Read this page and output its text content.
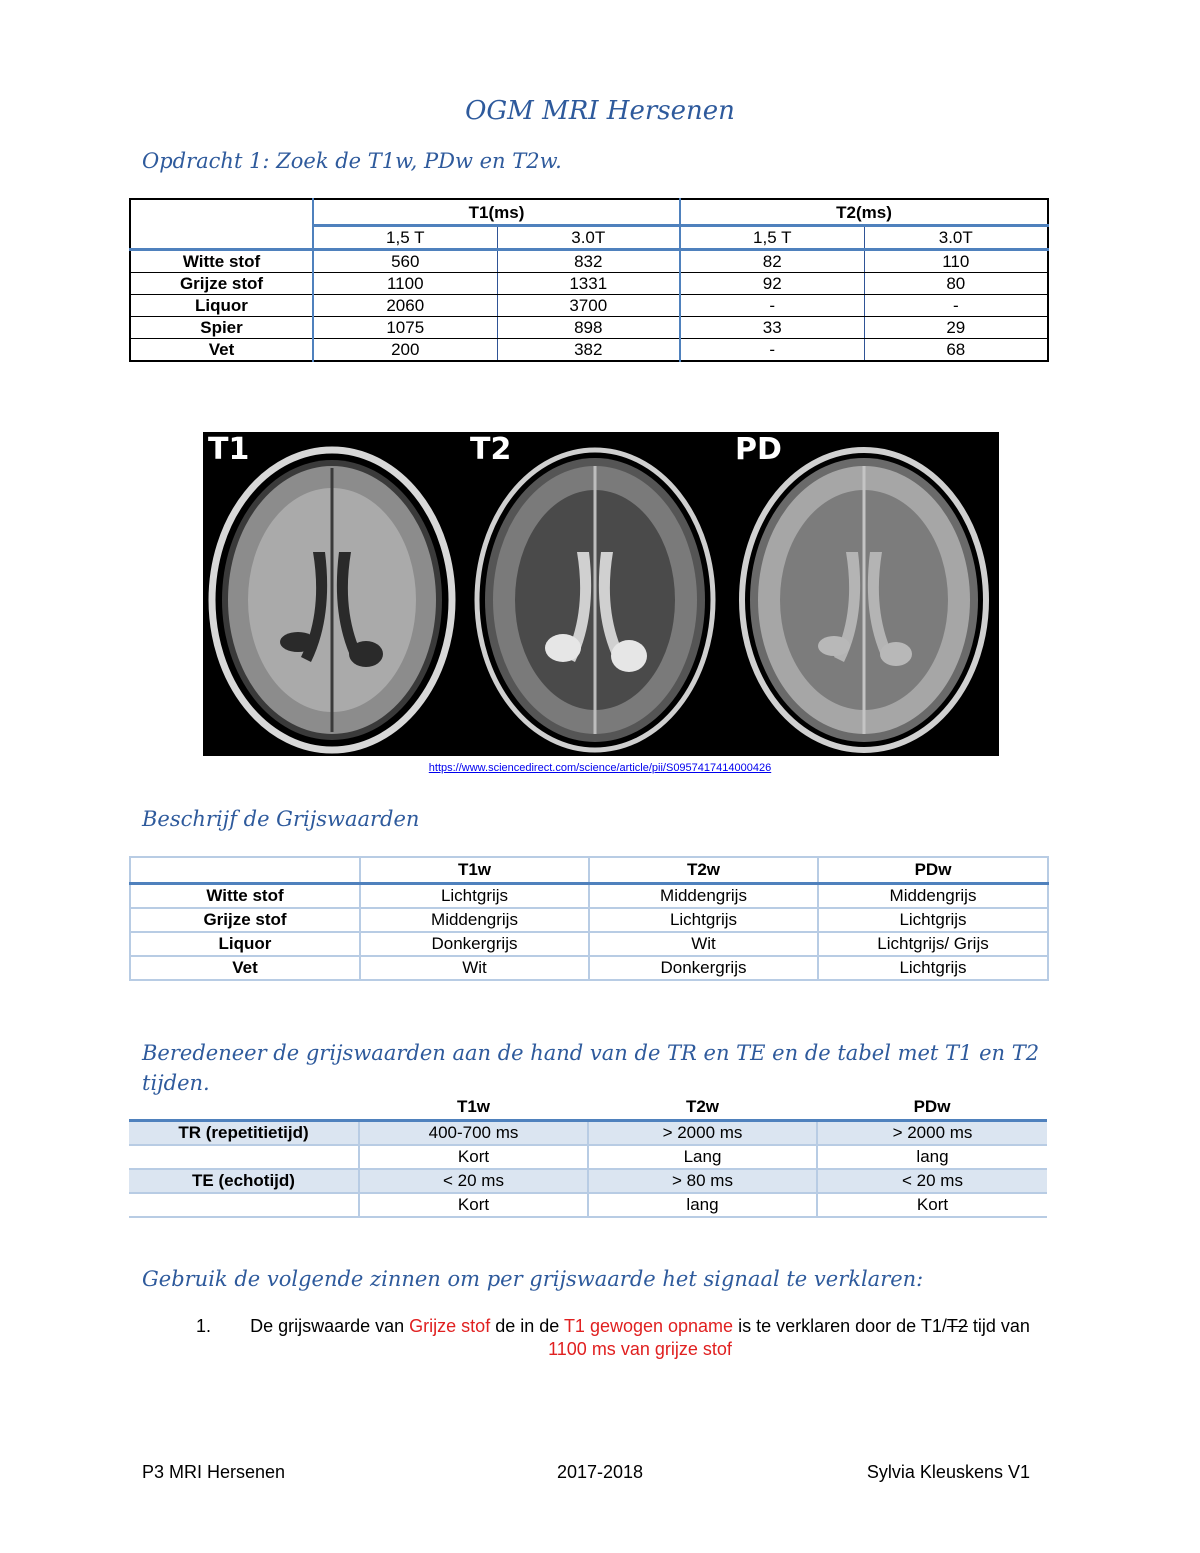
OGM MRI Hersenen
Opdracht 1: Zoek de T1w, PDw en T2w.
	T1(ms)		T2(ms)	
	1,5 T	3.0T	1,5 T	3.0T
Witte stof	560	832	82	110
Grijze stof	1100	1331	92	80
Liquor	2060	3700	-	-
Spier	1075	898	33	29
Vet	200	382	-	68
T1	T2	PD
https://www.sciencedirect.com/science/article/pii/S0957417414000426
Beschrijf de Grijswaarden
	T1w	T2w	PDw
Witte stof	Lichtgrijs	Middengrijs	Middengrijs
Grijze stof	Middengrijs	Lichtgrijs	Lichtgrijs
Liquor	Donkergrijs	Wit	Lichtgrijs/ Grijs
Vet	Wit	Donkergrijs	Lichtgrijs
Beredeneer de grijswaarden aan de hand van de TR en TE en de tabel met T1 en T2 tijden.
	T1w	T2w	PDw
TR (repetitietijd)	400-700 ms	> 2000 ms	> 2000 ms
	Kort	Lang	lang
TE (echotijd)	< 20 ms	> 80 ms	< 20 ms
	Kort	lang	Kort
Gebruik de volgende zinnen om per grijswaarde het signaal te verklaren:
1.	De grijswaarde van Grijze stof de in de T1 gewogen opname is te verklaren door de T1/T2 tijd van 1100 ms van grijze stof
P3 MRI Hersenen	2017-2018	Sylvia Kleuskens V1
